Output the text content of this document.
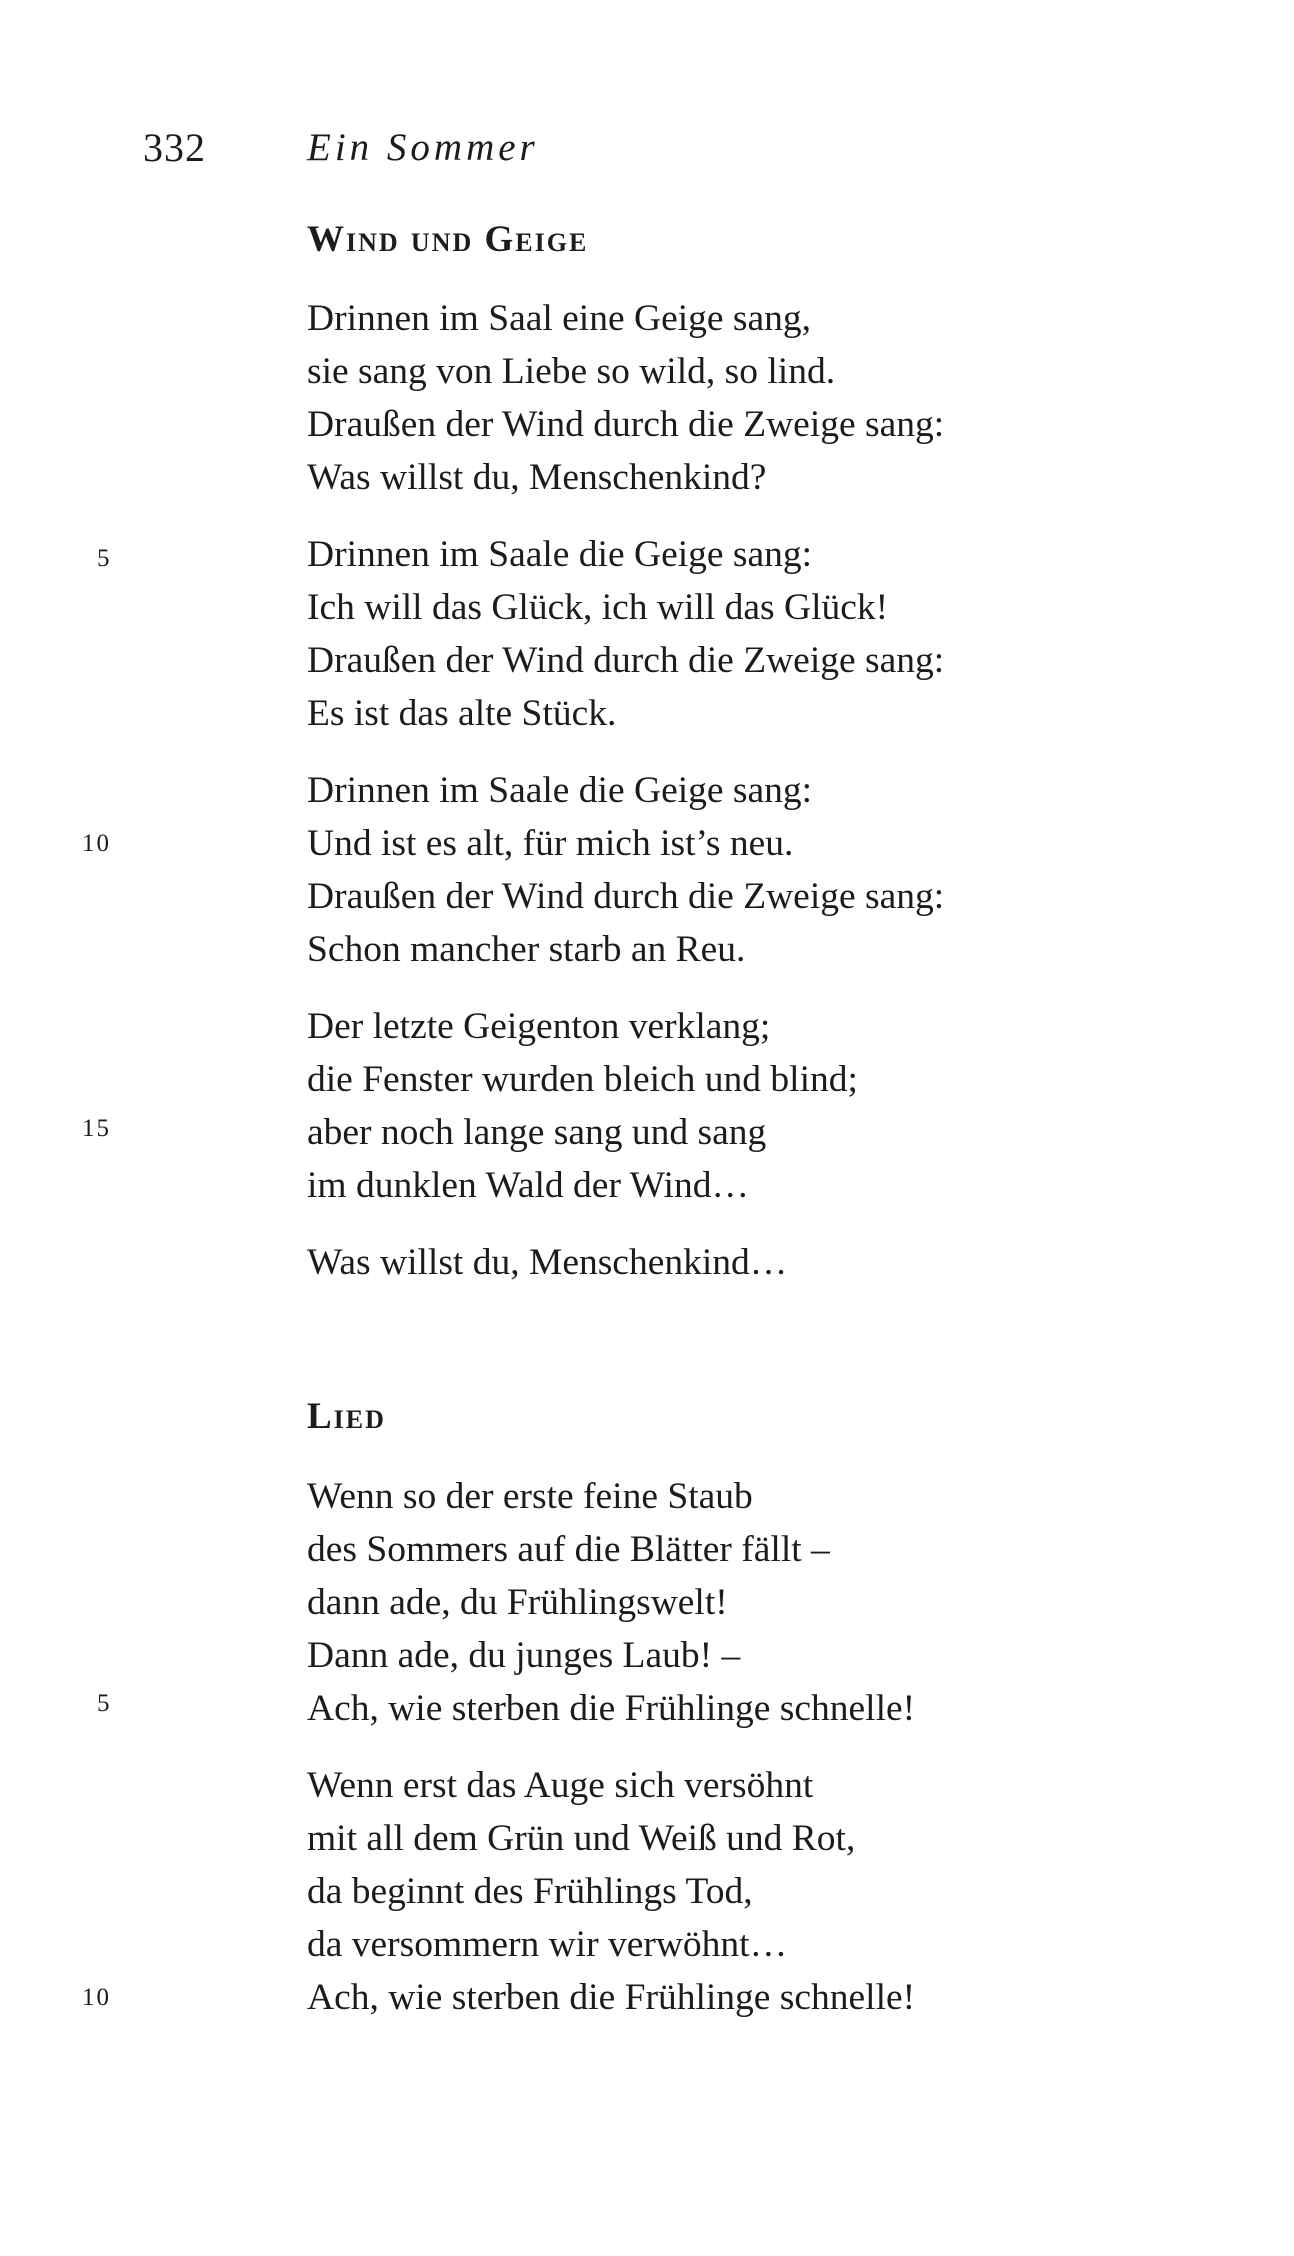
332	Ein Sommer
Wind und Geige
Drinnen im Saal eine Geige sang,
sie sang von Liebe so wild, so lind.
Draußen der Wind durch die Zweige sang:
Was willst du, Menschenkind?
Drinnen im Saale die Geige sang:
Ich will das Glück, ich will das Glück!
Draußen der Wind durch die Zweige sang:
Es ist das alte Stück.
Drinnen im Saale die Geige sang:
Und ist es alt, für mich ist’s neu.
Draußen der Wind durch die Zweige sang:
Schon mancher starb an Reu.
Der letzte Geigenton verklang;
die Fenster wurden bleich und blind;
aber noch lange sang und sang
im dunklen Wald der Wind…
Was willst du, Menschenkind…
5
10
15
Lied
Wenn so der erste feine Staub
des Sommers auf die Blätter fällt –
dann ade, du Frühlingswelt!
Dann ade, du junges Laub! –
Ach, wie sterben die Frühlinge schnelle!
Wenn erst das Auge sich versöhnt
mit all dem Grün und Weiß und Rot,
da beginnt des Frühlings Tod,
da versommern wir verwöhnt…
Ach, wie sterben die Frühlinge schnelle!
5
10
